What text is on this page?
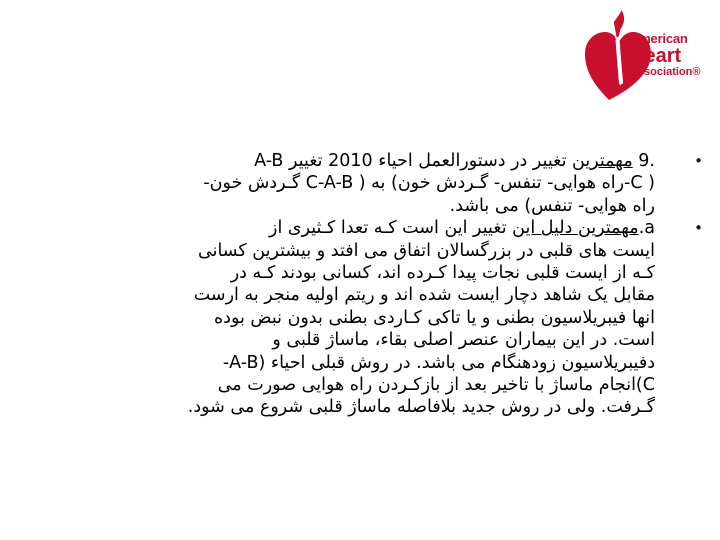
American
Heart
Association®
•
.9 مهمترین تغییر در دستورالعمل احیاء 2010 تغییر A-B
( C-راه هوایی- تنفس- گـردش خون) به ( C-A-B گـردش خون-
راه هوایی- تنفس) می باشد.
•
a.مهمترین دلیل این تغییر این است کـه تعدا کـثیری از
ایست های قلبی در بزرگسالان اتفاق می افتد و بیشترین کسانی
کـه از ایست قلبی نجات پیدا کـرده اند، کسانی بودند کـه در
مقابل یک شاهد دچار ایست شده اند و ریتم اولیه منجر به ارست
انها فیبریلاسیون بطنی و یا تاکی کـاردی بطنی بدون نبض بوده
است. در این بیماران عنصر اصلی بقاء، ماساژ قلبی و
دفیبریلاسیون زودهنگام می باشد. در روش قبلی احیاء (A-B-
C)انجام ماساژ با تاخیر بعد از بازکـردن راه هوایی صورت می
گـرفت. ولی در روش جدید بلافاصله ماساژ قلبی شروع می شود.
